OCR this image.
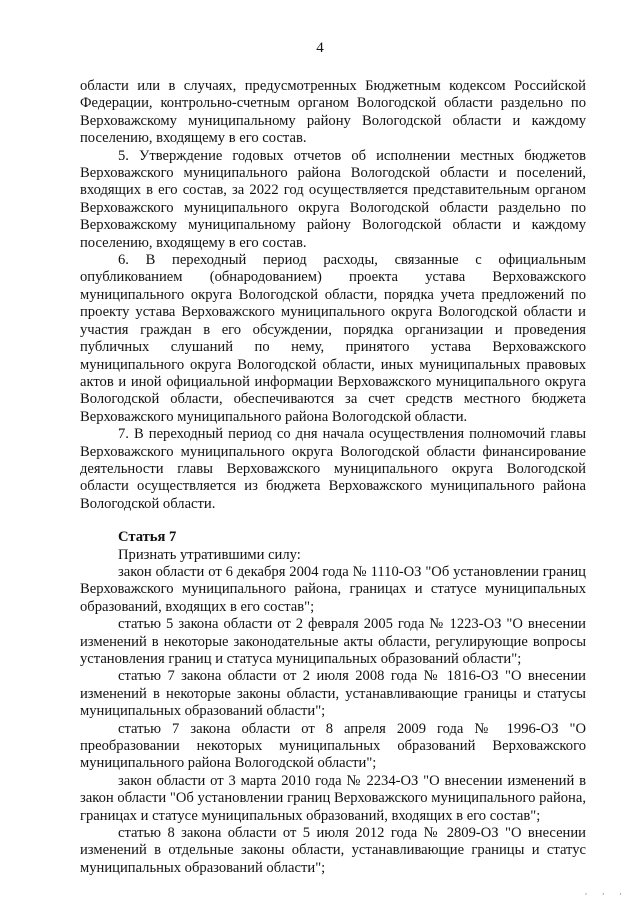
4

области или в случаях, предусмотренных Бюджетным кодексом Российской Федерации, контрольно-счетным органом Вологодской области раздельно по Верховажскому муниципальному району Вологодской области и каждому поселению, входящему в его состав.

5. Утверждение годовых отчетов об исполнении местных бюджетов Верховажского муниципального района Вологодской области и поселений, входящих в его состав, за 2022 год осуществляется представительным органом Верховажского муниципального округа Вологодской области раздельно по Верховажскому муниципальному району Вологодской области и каждому поселению, входящему в его состав.

6. В переходный период расходы, связанные с официальным опубликованием (обнародованием) проекта устава Верховажского муниципального округа Вологодской области, порядка учета предложений по проекту устава Верховажского муниципального округа Вологодской области и участия граждан в его обсуждении, порядка организации и проведения публичных слушаний по нему, принятого устава Верховажского муниципального округа Вологодской области, иных муниципальных правовых актов и иной официальной информации Верховажского муниципального округа Вологодской области, обеспечиваются за счет средств местного бюджета Верховажского муниципального района Вологодской области.

7. В переходный период со дня начала осуществления полномочий главы Верховажского муниципального округа Вологодской области финансирование деятельности главы Верховажского муниципального округа Вологодской области осуществляется из бюджета Верховажского муниципального района Вологодской области.

Статья 7

Признать утратившими силу:

закон области от 6 декабря 2004 года № 1110-ОЗ "Об установлении границ Верховажского муниципального района, границах и статусе муниципальных образований, входящих в его состав";

статью 5 закона области от 2 февраля 2005 года № 1223-ОЗ "О внесении изменений в некоторые законодательные акты области, регулирующие вопросы установления границ и статуса муниципальных образований области";

статью 7 закона области от 2 июля 2008 года № 1816-ОЗ "О внесении изменений в некоторые законы области, устанавливающие границы и статусы муниципальных образований области";

статью 7 закона области от 8 апреля 2009 года № 1996-ОЗ "О преобразовании некоторых муниципальных образований Верховажского муниципального района Вологодской области";

закон области от 3 марта 2010 года № 2234-ОЗ "О внесении изменений в закон области "Об установлении границ Верховажского муниципального района, границах и статусе муниципальных образований, входящих в его состав";

статью 8 закона области от 5 июля 2012 года № 2809-ОЗ "О внесении изменений в отдельные законы области, устанавливающие границы и статус муниципальных образований области";

· · ·
